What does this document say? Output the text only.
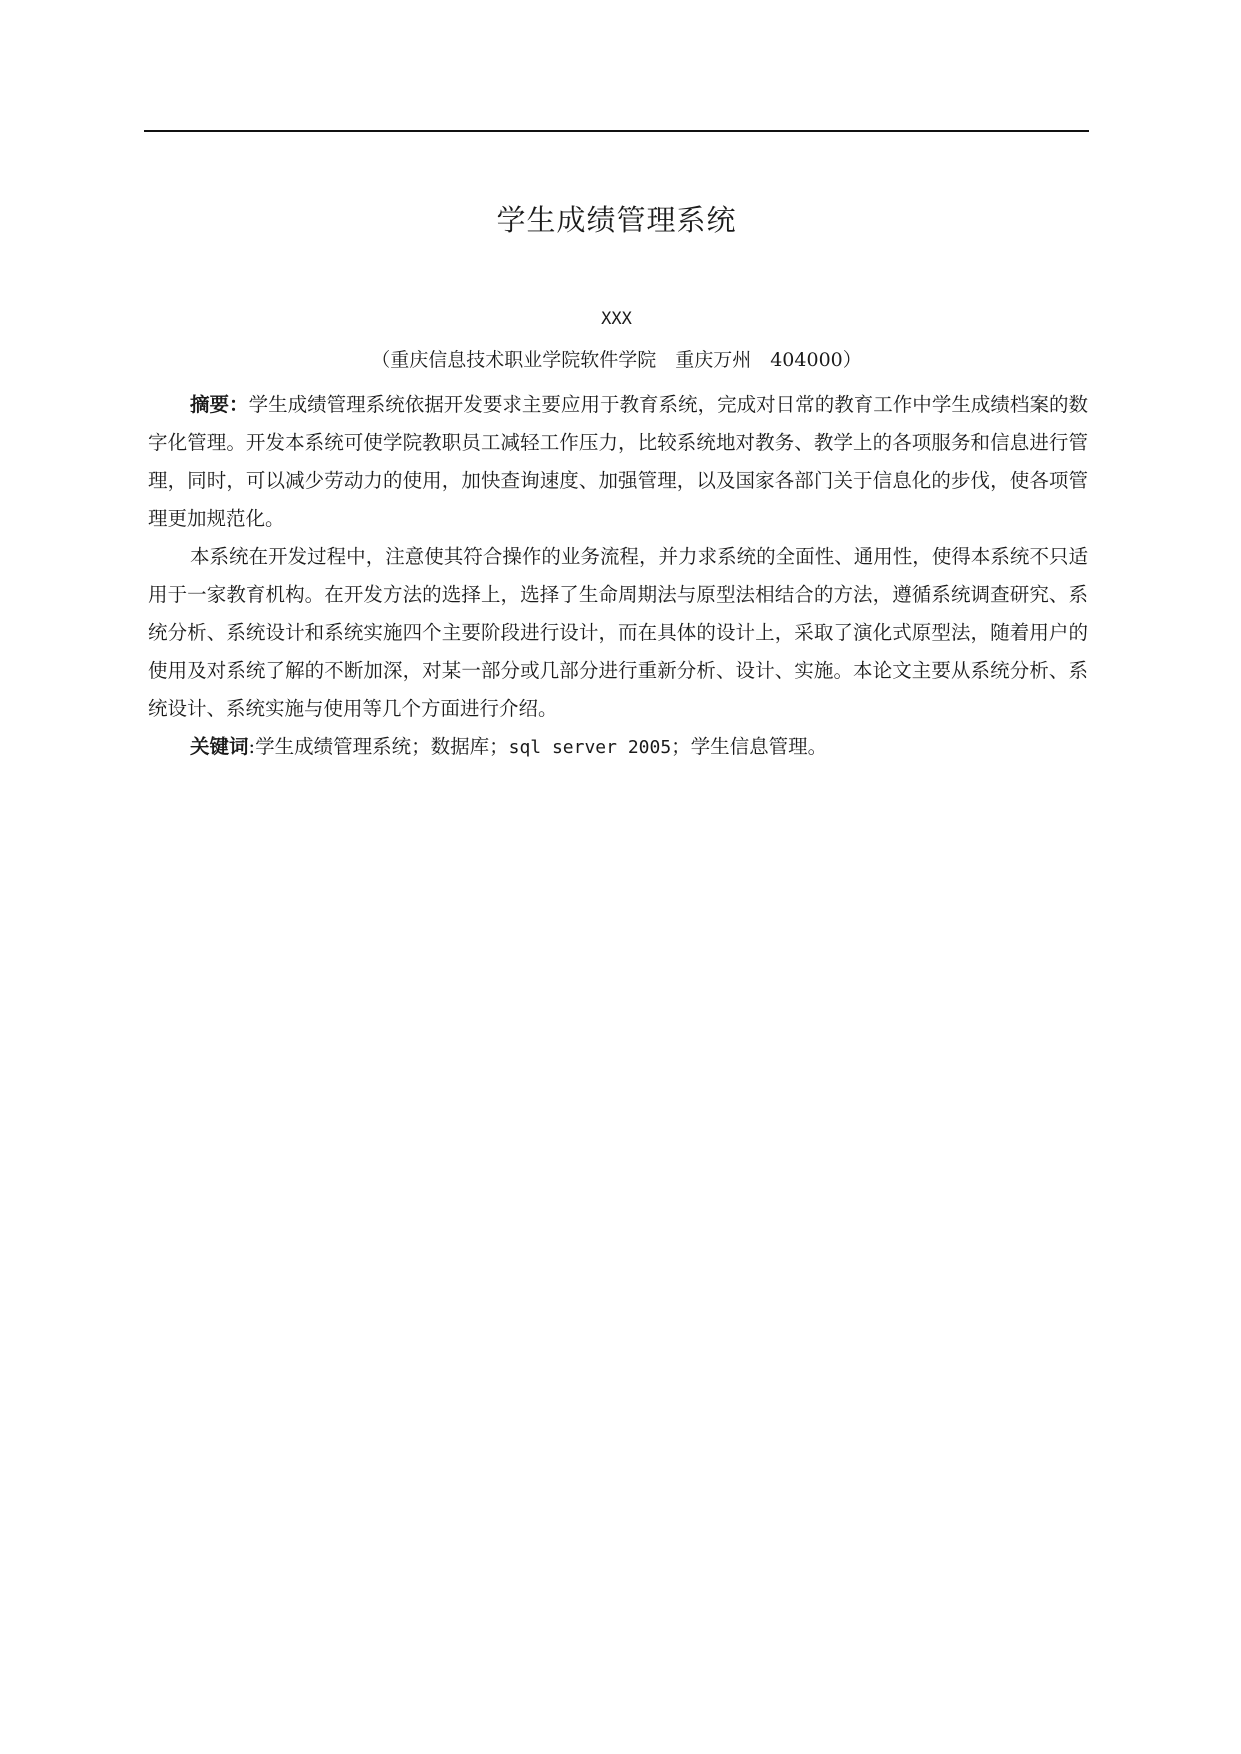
学生成绩管理系统
XXX
（重庆信息技术职业学院软件学院　重庆万州　404000）

摘要：学生成绩管理系统依据开发要求主要应用于教育系统，完成对日常的教育工作中学生成绩档案的数字化管理。开发本系统可使学院教职员工减轻工作压力，比较系统地对教务、教学上的各项服务和信息进行管理，同时，可以减少劳动力的使用，加快查询速度、加强管理，以及国家各部门关于信息化的步伐，使各项管理更加规范化。

本系统在开发过程中，注意使其符合操作的业务流程，并力求系统的全面性、通用性，使得本系统不只适用于一家教育机构。在开发方法的选择上，选择了生命周期法与原型法相结合的方法，遵循系统调查研究、系统分析、系统设计和系统实施四个主要阶段进行设计，而在具体的设计上，采取了演化式原型法，随着用户的使用及对系统了解的不断加深，对某一部分或几部分进行重新分析、设计、实施。本论文主要从系统分析、系统设计、系统实施与使用等几个方面进行介绍。

关键词:学生成绩管理系统；数据库；sql server 2005；学生信息管理。
